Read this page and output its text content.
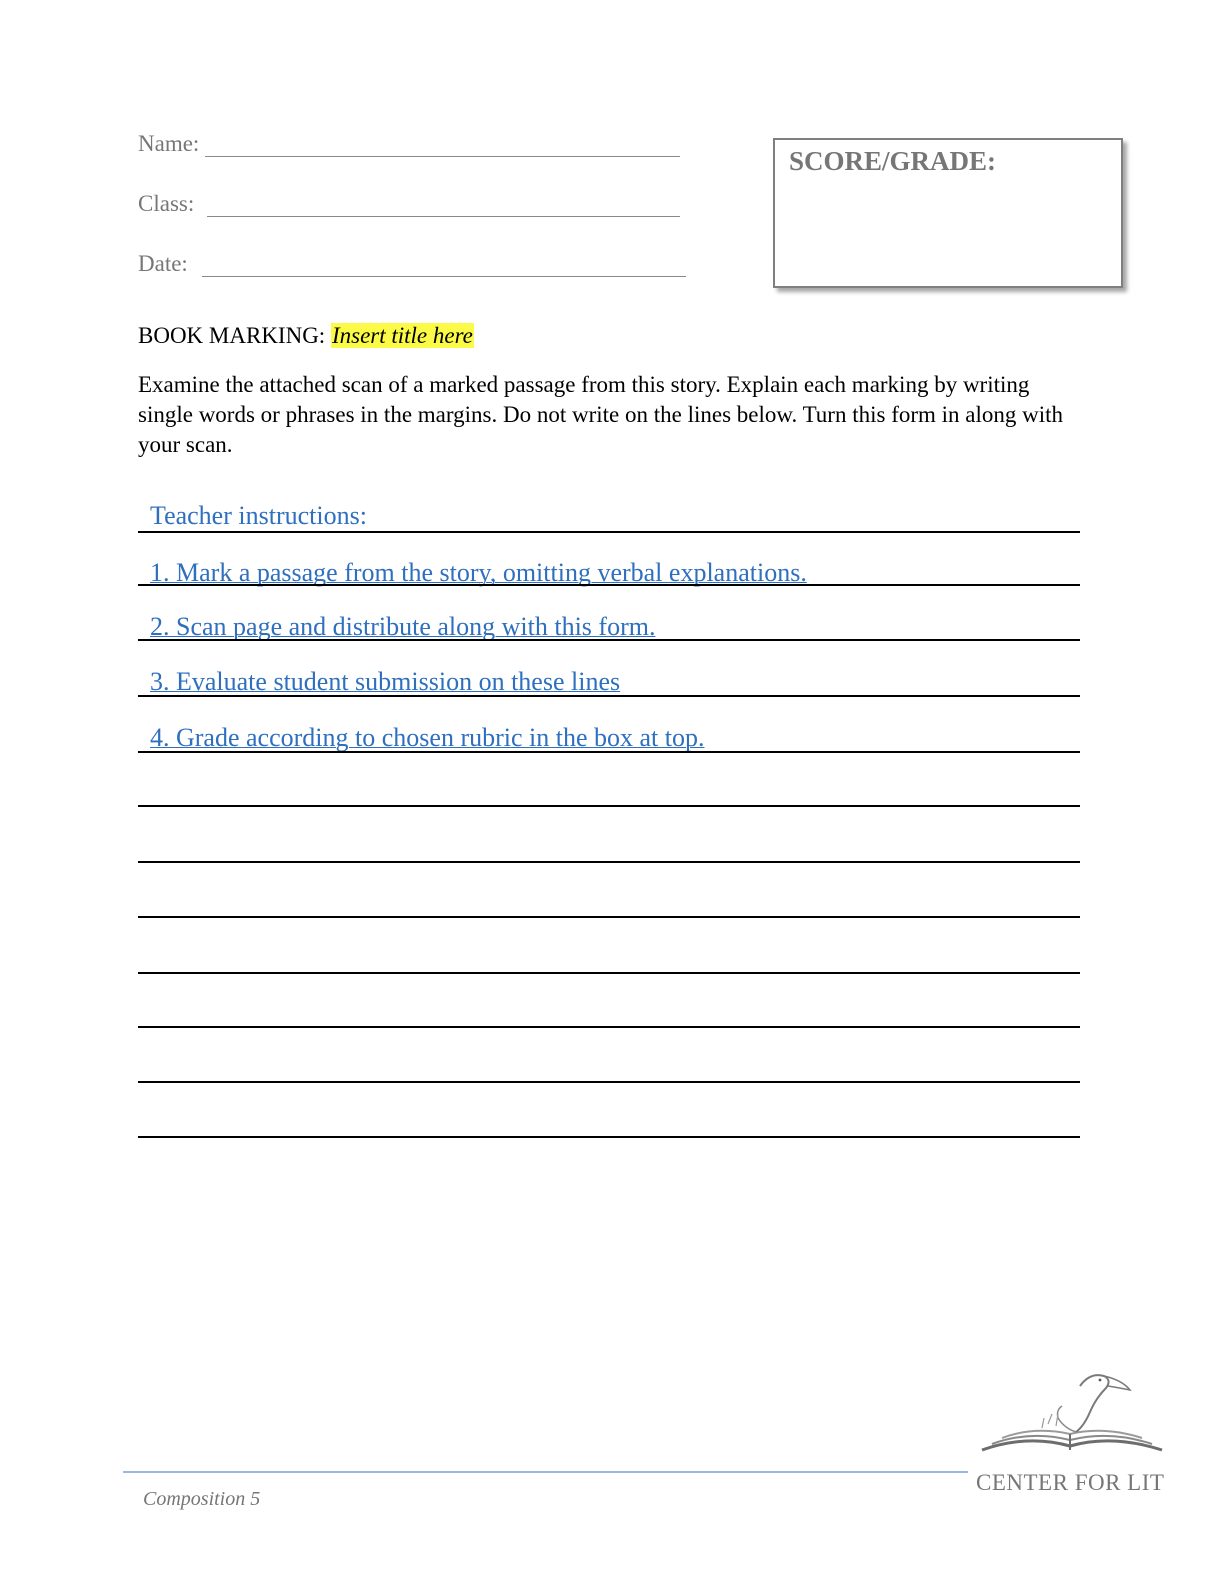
Name:
Class:
Date:
SCORE/GRADE:
BOOK MARKING: Insert title here
Examine the attached scan of a marked passage from this story. Explain each marking by writing single words or phrases in the margins. Do not write on the lines below. Turn this form in along with your scan.
Teacher instructions:
1. Mark a passage from the story, omitting verbal explanations.
2. Scan page and distribute along with this form.
3. Evaluate student submission on these lines
4. Grade according to chosen rubric in the box at top.
Composition 5
CENTER FOR LIT
